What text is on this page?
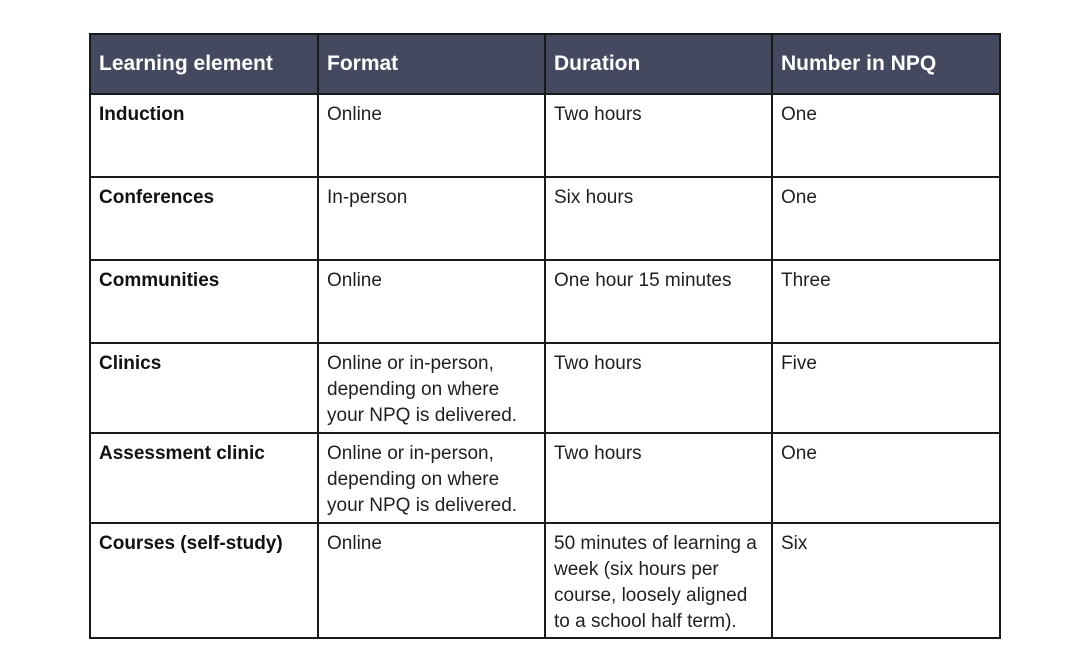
Learning element	Format	Duration	Number in NPQ
Induction	Online	Two hours	One
Conferences	In-person	Six hours	One
Communities	Online	One hour 15 minutes	Three
Clinics	Online or in-person, depending on where your NPQ is delivered.	Two hours	Five
Assessment clinic	Online or in-person, depending on where your NPQ is delivered.	Two hours	One
Courses (self-study)	Online	50 minutes of learning a week (six hours per course, loosely aligned to a school half term).	Six
